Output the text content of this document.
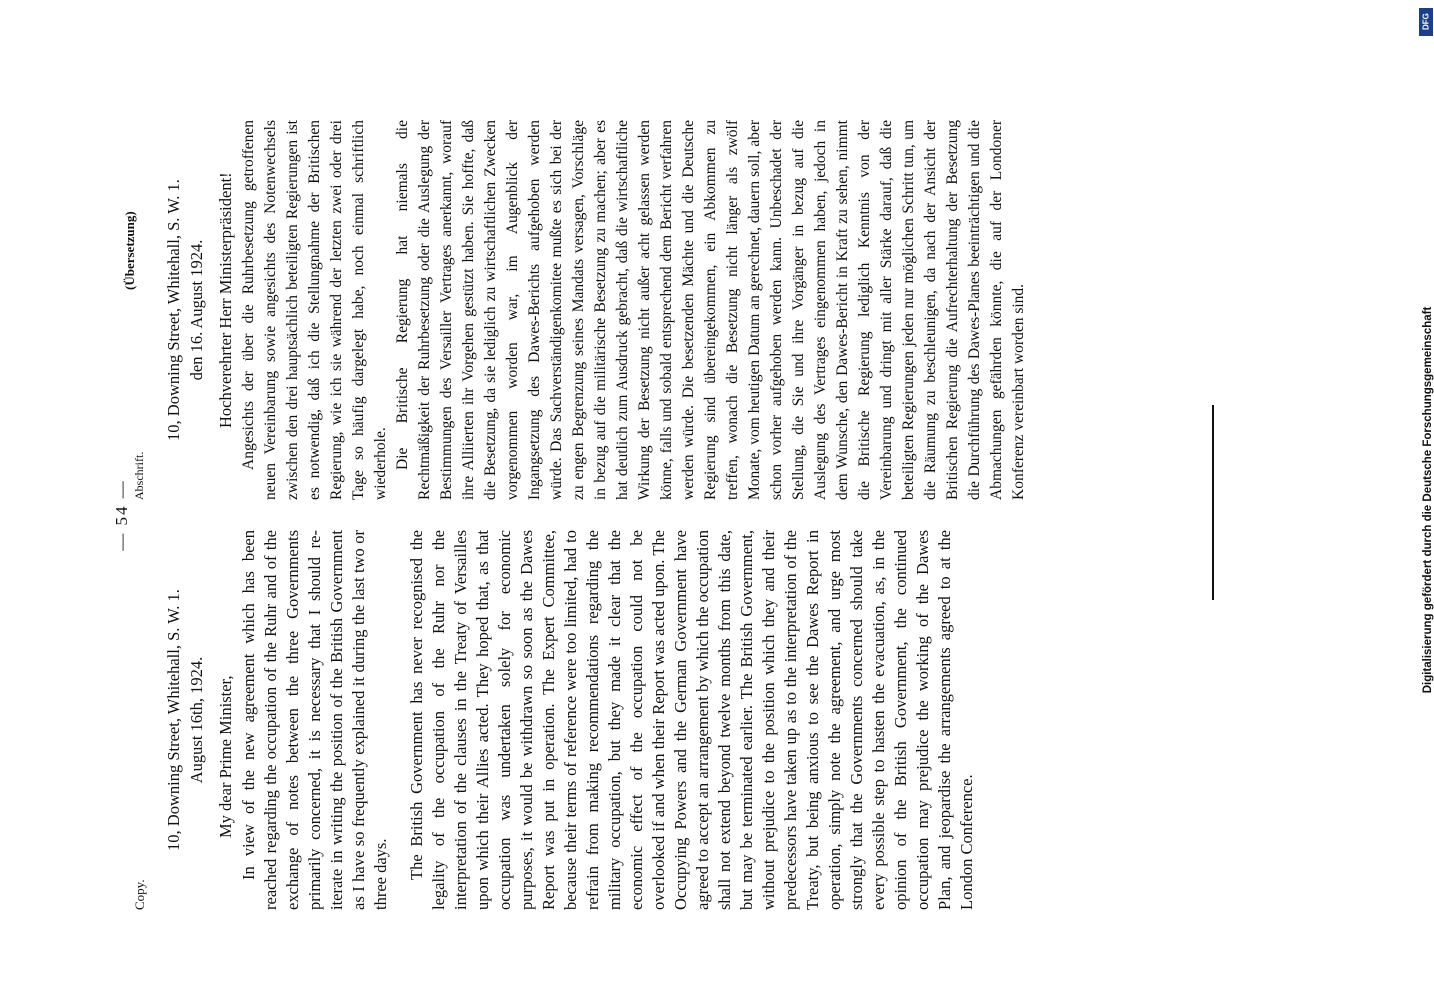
— 54 —
Copy.
Abschrift.
(Übersetzung)
10, Downing Street, Whitehall, S. W. 1. August 16th, 1924. My dear Prime Minister, In view of the new agreement which has been reached regarding the occupation of the Ruhr and of the exchange of notes between the three Governments primarily concerned, it is necessary that I should re-iterate in writing the position of the British Government as I have so frequently explained it during the last two or three days. The British Government has never recognised the legality of the occupation of the Ruhr nor the interpretation of the clauses in the Treaty of Versailles upon which their Allies acted. They hoped that, as that occupation was undertaken solely for economic purposes, it would be withdrawn so soon as the Dawes Report was put in operation. The Expert Committee, because their terms of reference were too limited, had to refrain from making recommendations regarding the military occupation, but they made it clear that the economic effect of the occupation could not be overlooked if and when their Report was acted upon. The Occupying Powers and the German Government have agreed to accept an arrangement by which the occupation shall not extend beyond twelve months from this date, but may be terminated earlier. The British Government, without prejudice to the position which they and their predecessors have taken up as to the interpretation of the Treaty, but being anxious to see the Dawes Report in operation, simply note the agreement, and urge most strongly that the Governments concerned should take every possible step to hasten the evacuation, as, in the opinion of the British Government, the continued occupation may prejudice the working of the Dawes Plan, and jeopardise the arrangements agreed to at the London Conference.

10, Downing Street, Whitehall, S. W. 1. den 16. August 1924. Hochverehrter Herr Ministerpräsident! Angesichts der über die Ruhrbesetzung getroffenen neuen Vereinbarung sowie angesichts des Notenwechsels zwischen den drei hauptsächlich beteiligten Regierungen ist es notwendig, daß ich die Stellungnahme der Britischen Regierung, wie ich sie während der letzten zwei oder drei Tage so häufig dargelegt habe, noch einmal schriftlich wiederhole. Die Britische Regierung hat niemals die Rechtmäßigkeit der Ruhrbesetzung oder die Auslegung der Bestimmungen des Versailler Vertrages anerkannt, worauf ihre Alliierten ihr Vorgehen gestützt haben. Sie hoffte, daß die Besetzung, da sie lediglich zu wirtschaftlichen Zwecken vorgenommen worden war, im Augenblick der Ingangsetzung des Dawes-Berichts aufgehoben werden würde. Das Sachverständigenkomitee mußte es sich bei der zu engen Begrenzung seines Mandats versagen, Vorschläge in bezug auf die militärische Besetzung zu machen; aber es hat deutlich zum Ausdruck gebracht, daß die wirtschaftliche Wirkung der Besetzung nicht außer acht gelassen werden könne, falls und sobald entsprechend dem Bericht verfahren werden würde. Die besetzenden Mächte und die Deutsche Regierung sind übereingekommen, ein Abkommen zu treffen, wonach die Besetzung nicht länger als zwölf Monate, vom heutigen Datum an gerechnet, dauern soll, aber schon vorher aufgehoben werden kann. Unbeschadet der Stellung, die Sie und ihre Vorgänger in bezug auf die Auslegung des Vertrages eingenommen haben, jedoch in dem Wunsche, den Dawes-Bericht in Kraft zu sehen, nimmt die Britische Regierung lediglich Kenntnis von der Vereinbarung und dringt mit aller Stärke darauf, daß die beteiligten Regierungen jeden nur möglichen Schritt tun, um die Räumung zu beschleunigen, da nach der Ansicht der Britischen Regierung die Aufrechterhaltung der Besetzung die Durchführung des Dawes-Planes beeinträchtigen und die Abmachungen gefährden könnte, die auf der Londoner Konferenz vereinbart worden sind.	Digitalisierung gefördert durch die Deutsche Forschungsgemeinschaft
DFG
